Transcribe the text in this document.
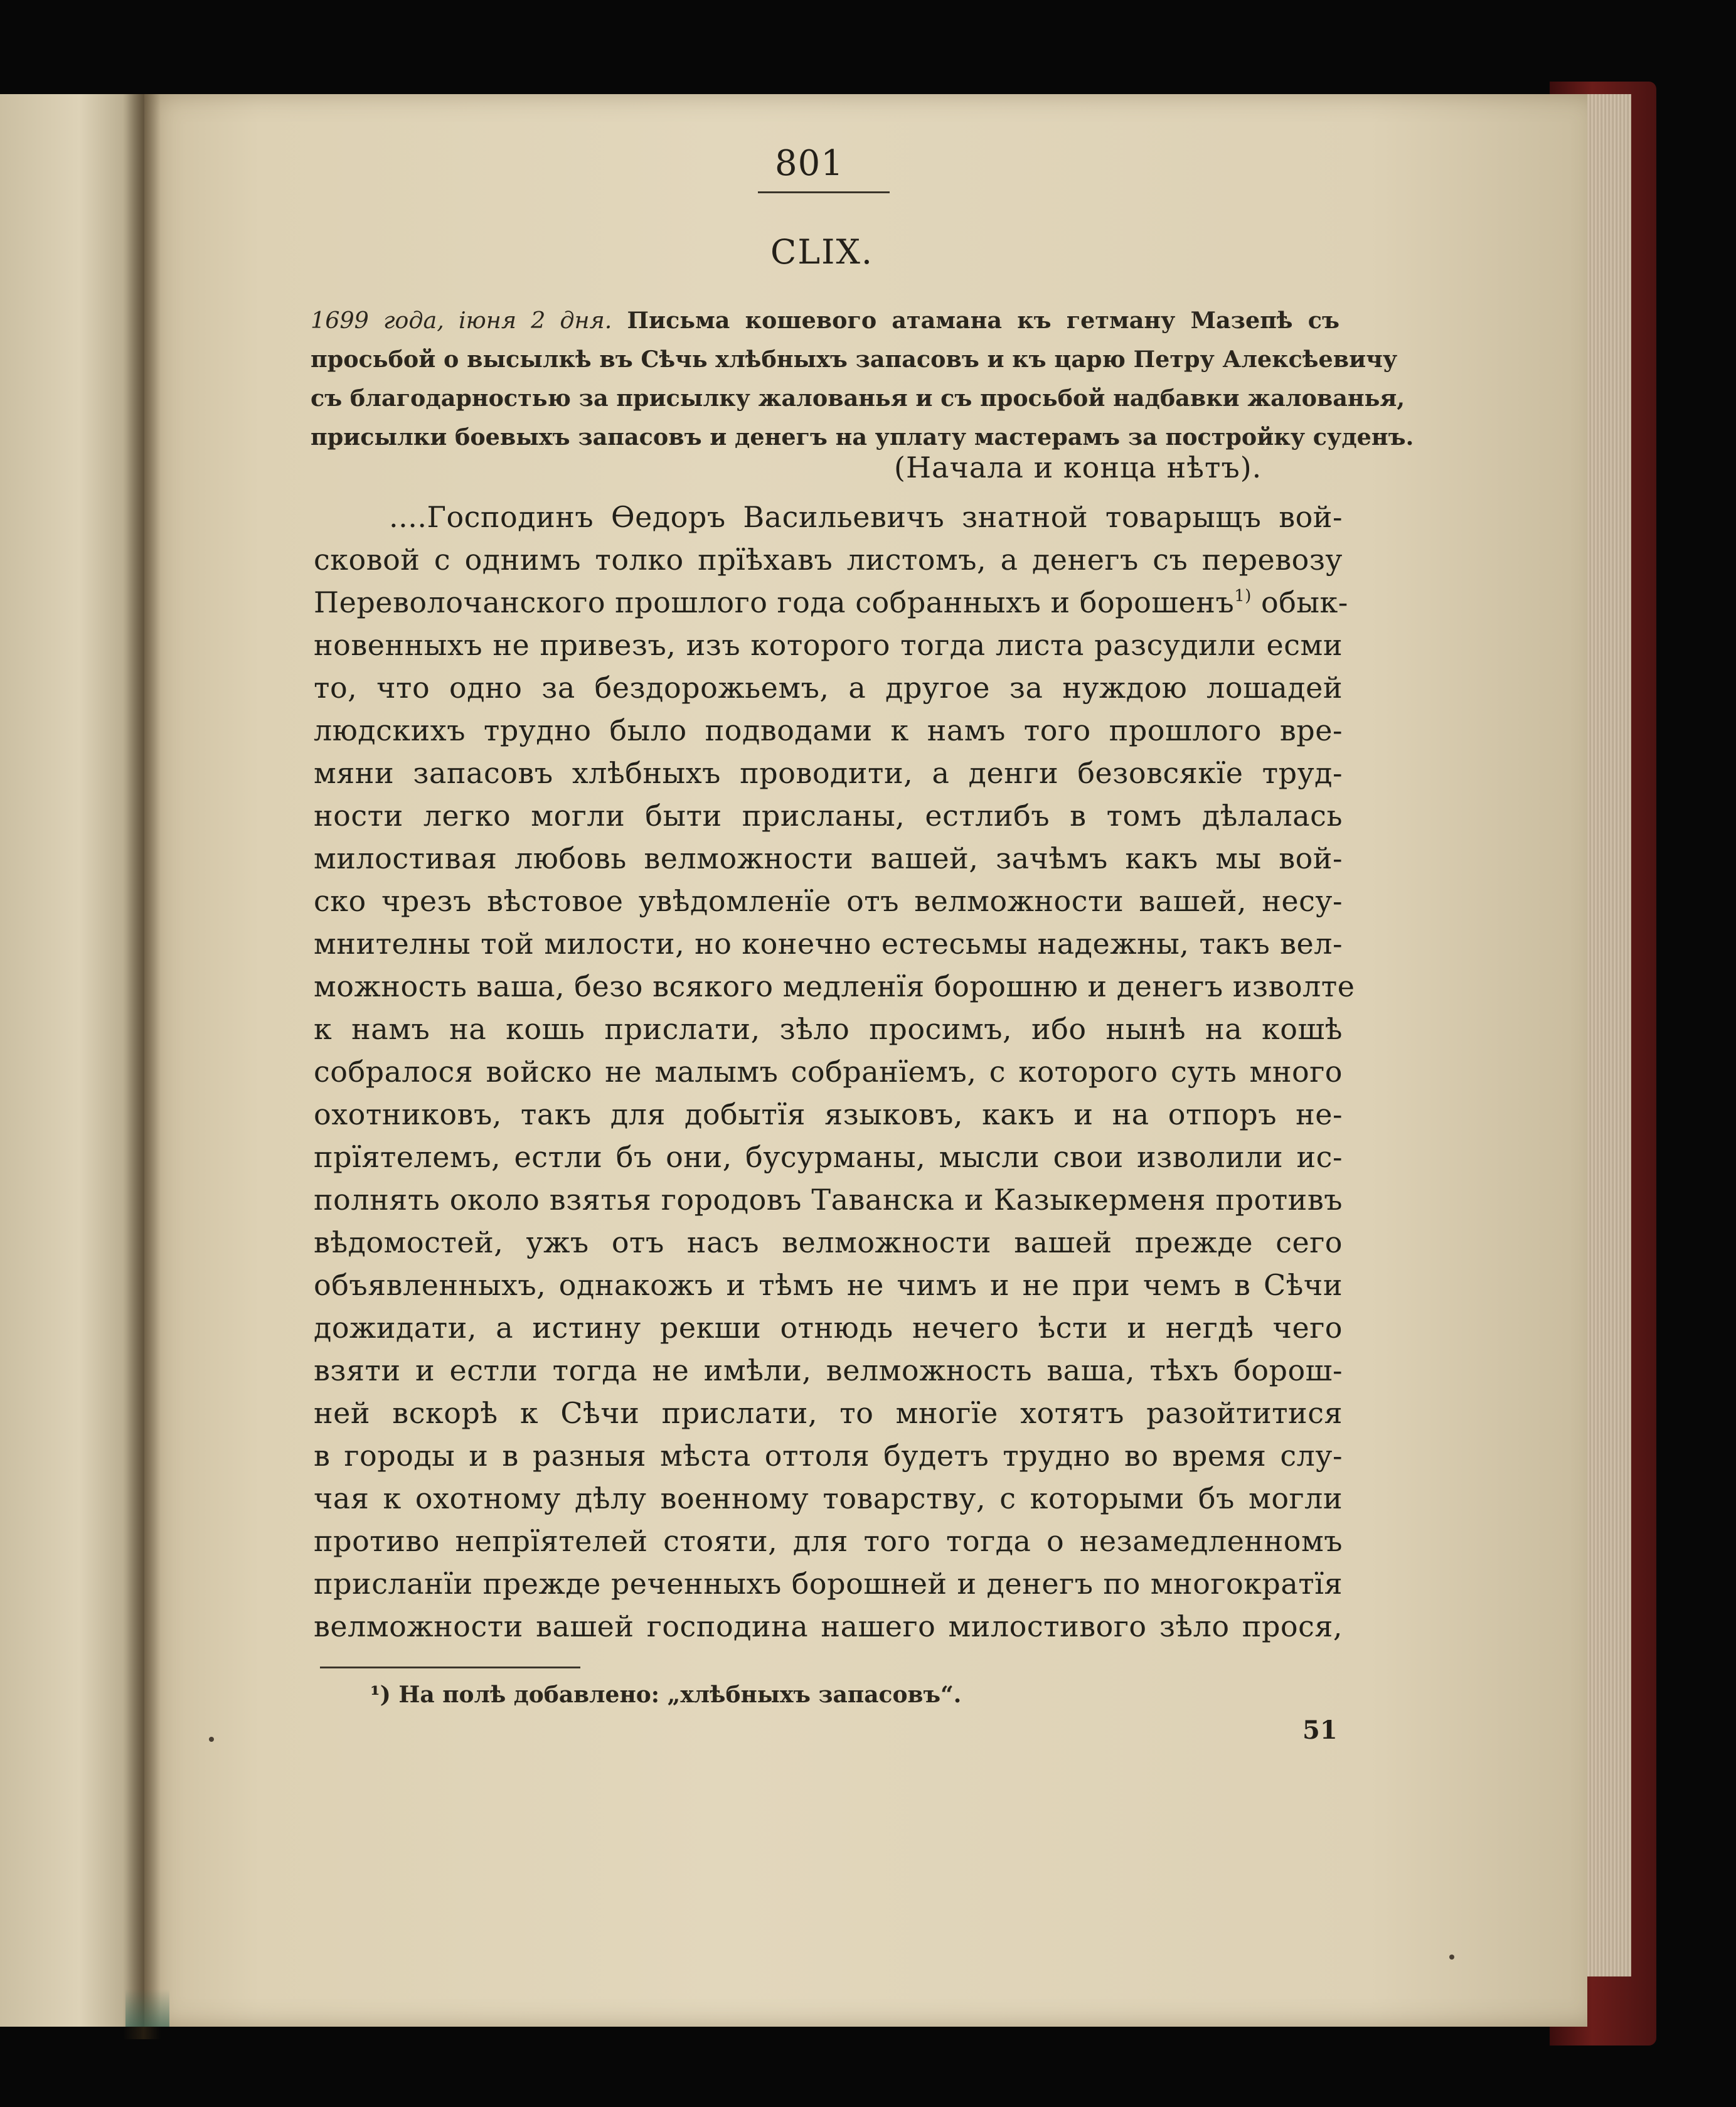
801
CLIX.
1699 года, іюня 2 дня. Письма кошевого атамана къ гетману Мазепѣ съ
просьбой о высылкѣ въ Сѣчь хлѣбныхъ запасовъ и къ царю Петру Алексѣевичу
съ благодарностью за присылку жалованья и съ просьбой надбавки жалованья,
присылки боевыхъ запасовъ и денегъ на уплату мастерамъ за постройку суденъ.
(Начала и конца нѣтъ).
....Господинъ Өедоръ Васильевичъ знатной товарыщъ вой-
сковой с однимъ толко прїѣхавъ листомъ, а денегъ съ перевозу
Переволочанского прошлого года собранныхъ и борошенъ$^{1)}$ обык-
новенныхъ не привезъ, изъ которого тогда листа разсудили есми
то, что одно за бездорожьемъ, а другое за нуждою лошадей
людскихъ трудно было подводами к намъ того прошлого вре-
мяни запасовъ хлѣбныхъ проводити, а денги безовсякїе труд-
ности легко могли быти присланы, естлибъ в томъ дѣлалась
милостивая любовь велможности вашей, зачѣмъ какъ мы вой-
ско чрезъ вѣстовое увѣдомленїе отъ велможности вашей, несу-
мнителны той милости, но конечно естесьмы надежны, такъ вел-
можность ваша, безо всякого медленїя борошню и денегъ изволте
к намъ на кошь прислати, зѣло просимъ, ибо нынѣ на кошѣ
собралося войско не малымъ собранїемъ, с которого суть много
охотниковъ, такъ для добытїя языковъ, какъ и на отпоръ не-
прїятелемъ, естли бъ они, бусурманы, мысли свои изволили ис-
полнять около взятья городовъ Таванска и Казыкерменя противъ
вѣдомостей, ужъ отъ насъ велможности вашей прежде сего
объявленныхъ, однакожъ и тѣмъ не чимъ и не при чемъ в Сѣчи
дожидати, а истину рекши отнюдь нечего ѣсти и негдѣ чего
взяти и естли тогда не имѣли, велможность ваша, тѣхъ борош-
ней вскорѣ к Сѣчи прислати, то многїе хотятъ разойтитися
в городы и в разныя мѣста оттоля будетъ трудно во время слу-
чая к охотному дѣлу военному товарству, с которыми бъ могли
противо непрїятелей стояти, для того тогда о незамедленномъ
присланїи прежде реченныхъ борошней и денегъ по многократїя
велможности вашей господина нашего милостивого зѣло прося,
¹) На полѣ добавлено: „хлѣбныхъ запасовъ“.
51
